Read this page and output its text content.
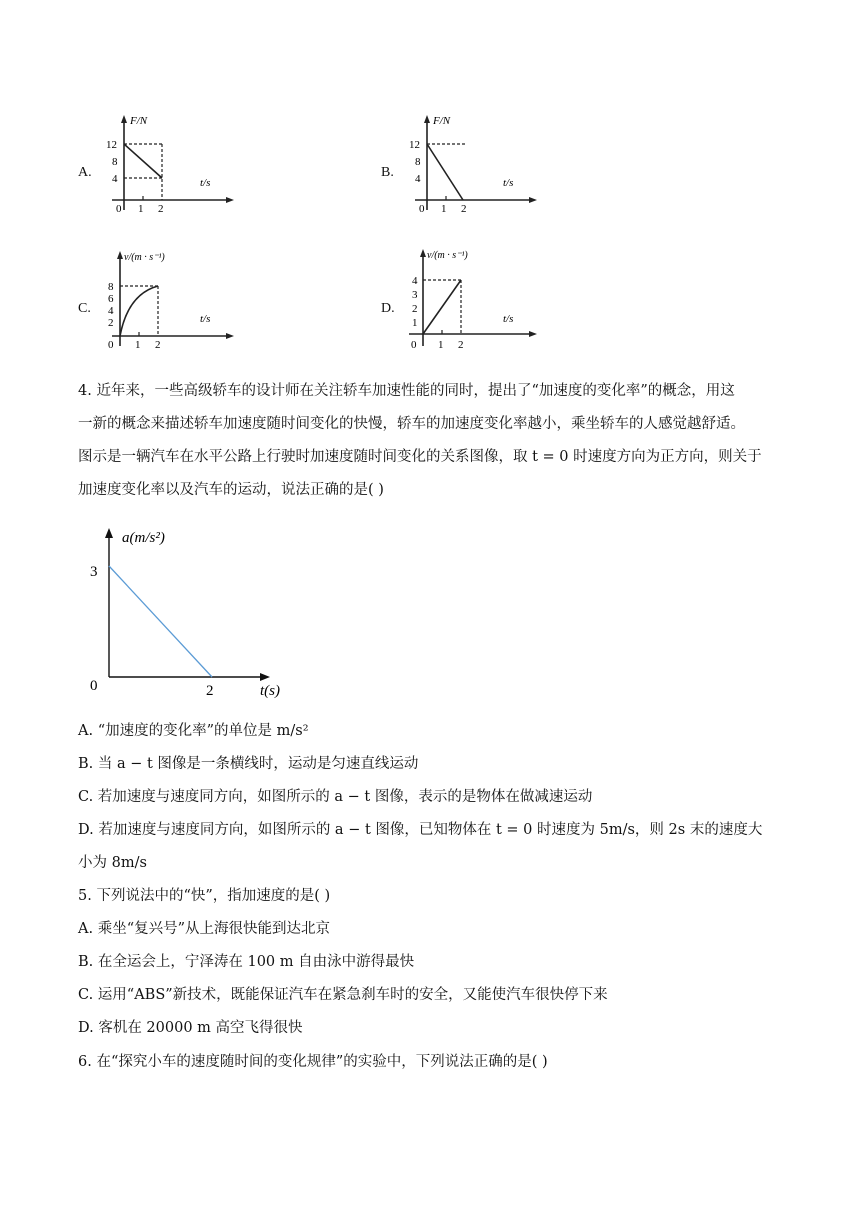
A.
F/N
t/s
12
8
4
0 1 2
B.
F/N
t/s
12
8
4
0 1 2
C.
v/(m · s⁻¹)
t/s
8
6
4
2
0 1 2
D.
v/(m · s⁻¹)
t/s
4
3
2
1
0 1 2
4. 近年来，一些高级轿车的设计师在关注轿车加速性能的同时，提出了“加速度的变化率”的概念，用这
一新的概念来描述轿车加速度随时间变化的快慢，轿车的加速度变化率越小，乘坐轿车的人感觉越舒适。
图示是一辆汽车在水平公路上行驶时加速度随时间变化的关系图像，取 t = 0 时速度方向为正方向，则关于
加速度变化率以及汽车的运动，说法正确的是( )
a(m/s²)
t(s)
0
3
2
A. “加速度的变化率”的单位是 m/s²
B. 当 a − t 图像是一条横线时，运动是匀速直线运动
C. 若加速度与速度同方向，如图所示的 a − t 图像，表示的是物体在做减速运动
D. 若加速度与速度同方向，如图所示的 a − t 图像，已知物体在 t = 0 时速度为 5m/s，则 2s 末的速度大
小为 8m/s
5. 下列说法中的“快”，指加速度的是( )
A. 乘坐“复兴号”从上海很快能到达北京
B. 在全运会上，宁泽涛在 100 m 自由泳中游得最快
C. 运用“ABS”新技术，既能保证汽车在紧急刹车时的安全，又能使汽车很快停下来
D. 客机在 20000 m 高空飞得很快
6. 在“探究小车的速度随时间的变化规律”的实验中，下列说法正确的是( )
